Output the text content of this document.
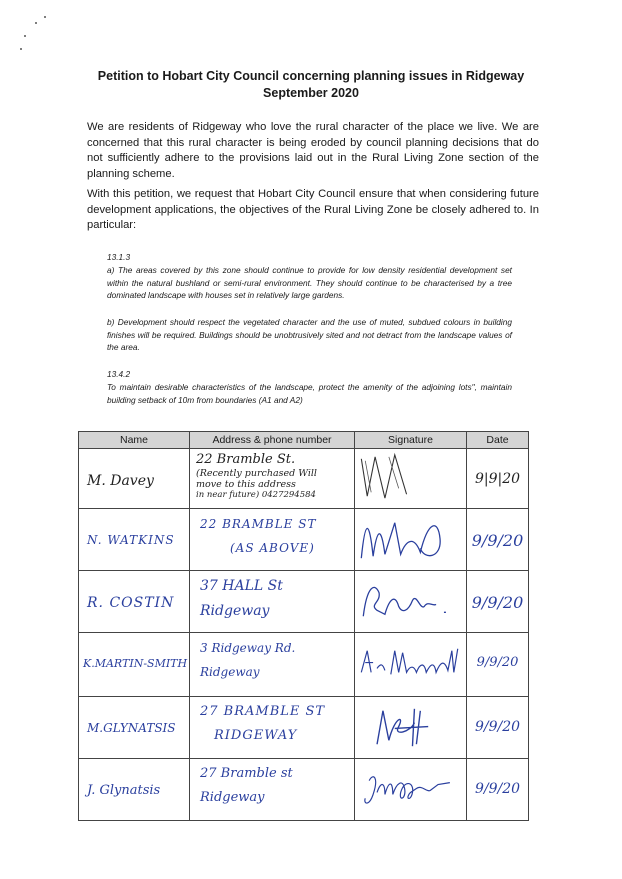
Petition to Hobart City Council concerning planning issues in Ridgeway
September 2020

We are residents of Ridgeway who love the rural character of the place we live. We are concerned that this rural character is being eroded by council planning decisions that do not sufficiently adhere to the provisions laid out in the Rural Living Zone section of the planning scheme.

With this petition, we request that Hobart City Council ensure that when considering future development applications, the objectives of the Rural Living Zone be closely adhered to. In particular:

13.1.3

a) The areas covered by this zone should continue to provide for low density residential development set within the natural bushland or semi-rural environment. They should continue to be characterised by a tree dominated landscape with houses set in relatively large gardens.

b) Development should respect the vegetated character and the use of muted, subdued colours in building finishes will be required. Buildings should be unobtrusively sited and not detract from the landscape values of the area.

13.4.2

To maintain desirable characteristics of the landscape, protect the amenity of the adjoining lots", maintain building setback of 10m from boundaries (A1 and A2)

Name	Address & phone number	Signature	Date
M. Davey	22 Bramble St.
(Recently purchased Will
move to this address
in near future) 0427294584		9|9|20
N. WATKINS	22 BRAMBLE ST
(AS ABOVE)		9/9/20
R. COSTIN	37 HALL St
Ridgeway		9/9/20
K.MARTIN-SMITH	3 Ridgeway Rd.
Ridgeway		9/9/20
M.GLYNATSIS	27 BRAMBLE ST
RIDGEWAY		9/9/20
J. Glynatsis	27 Bramble st
Ridgeway		9/9/20
